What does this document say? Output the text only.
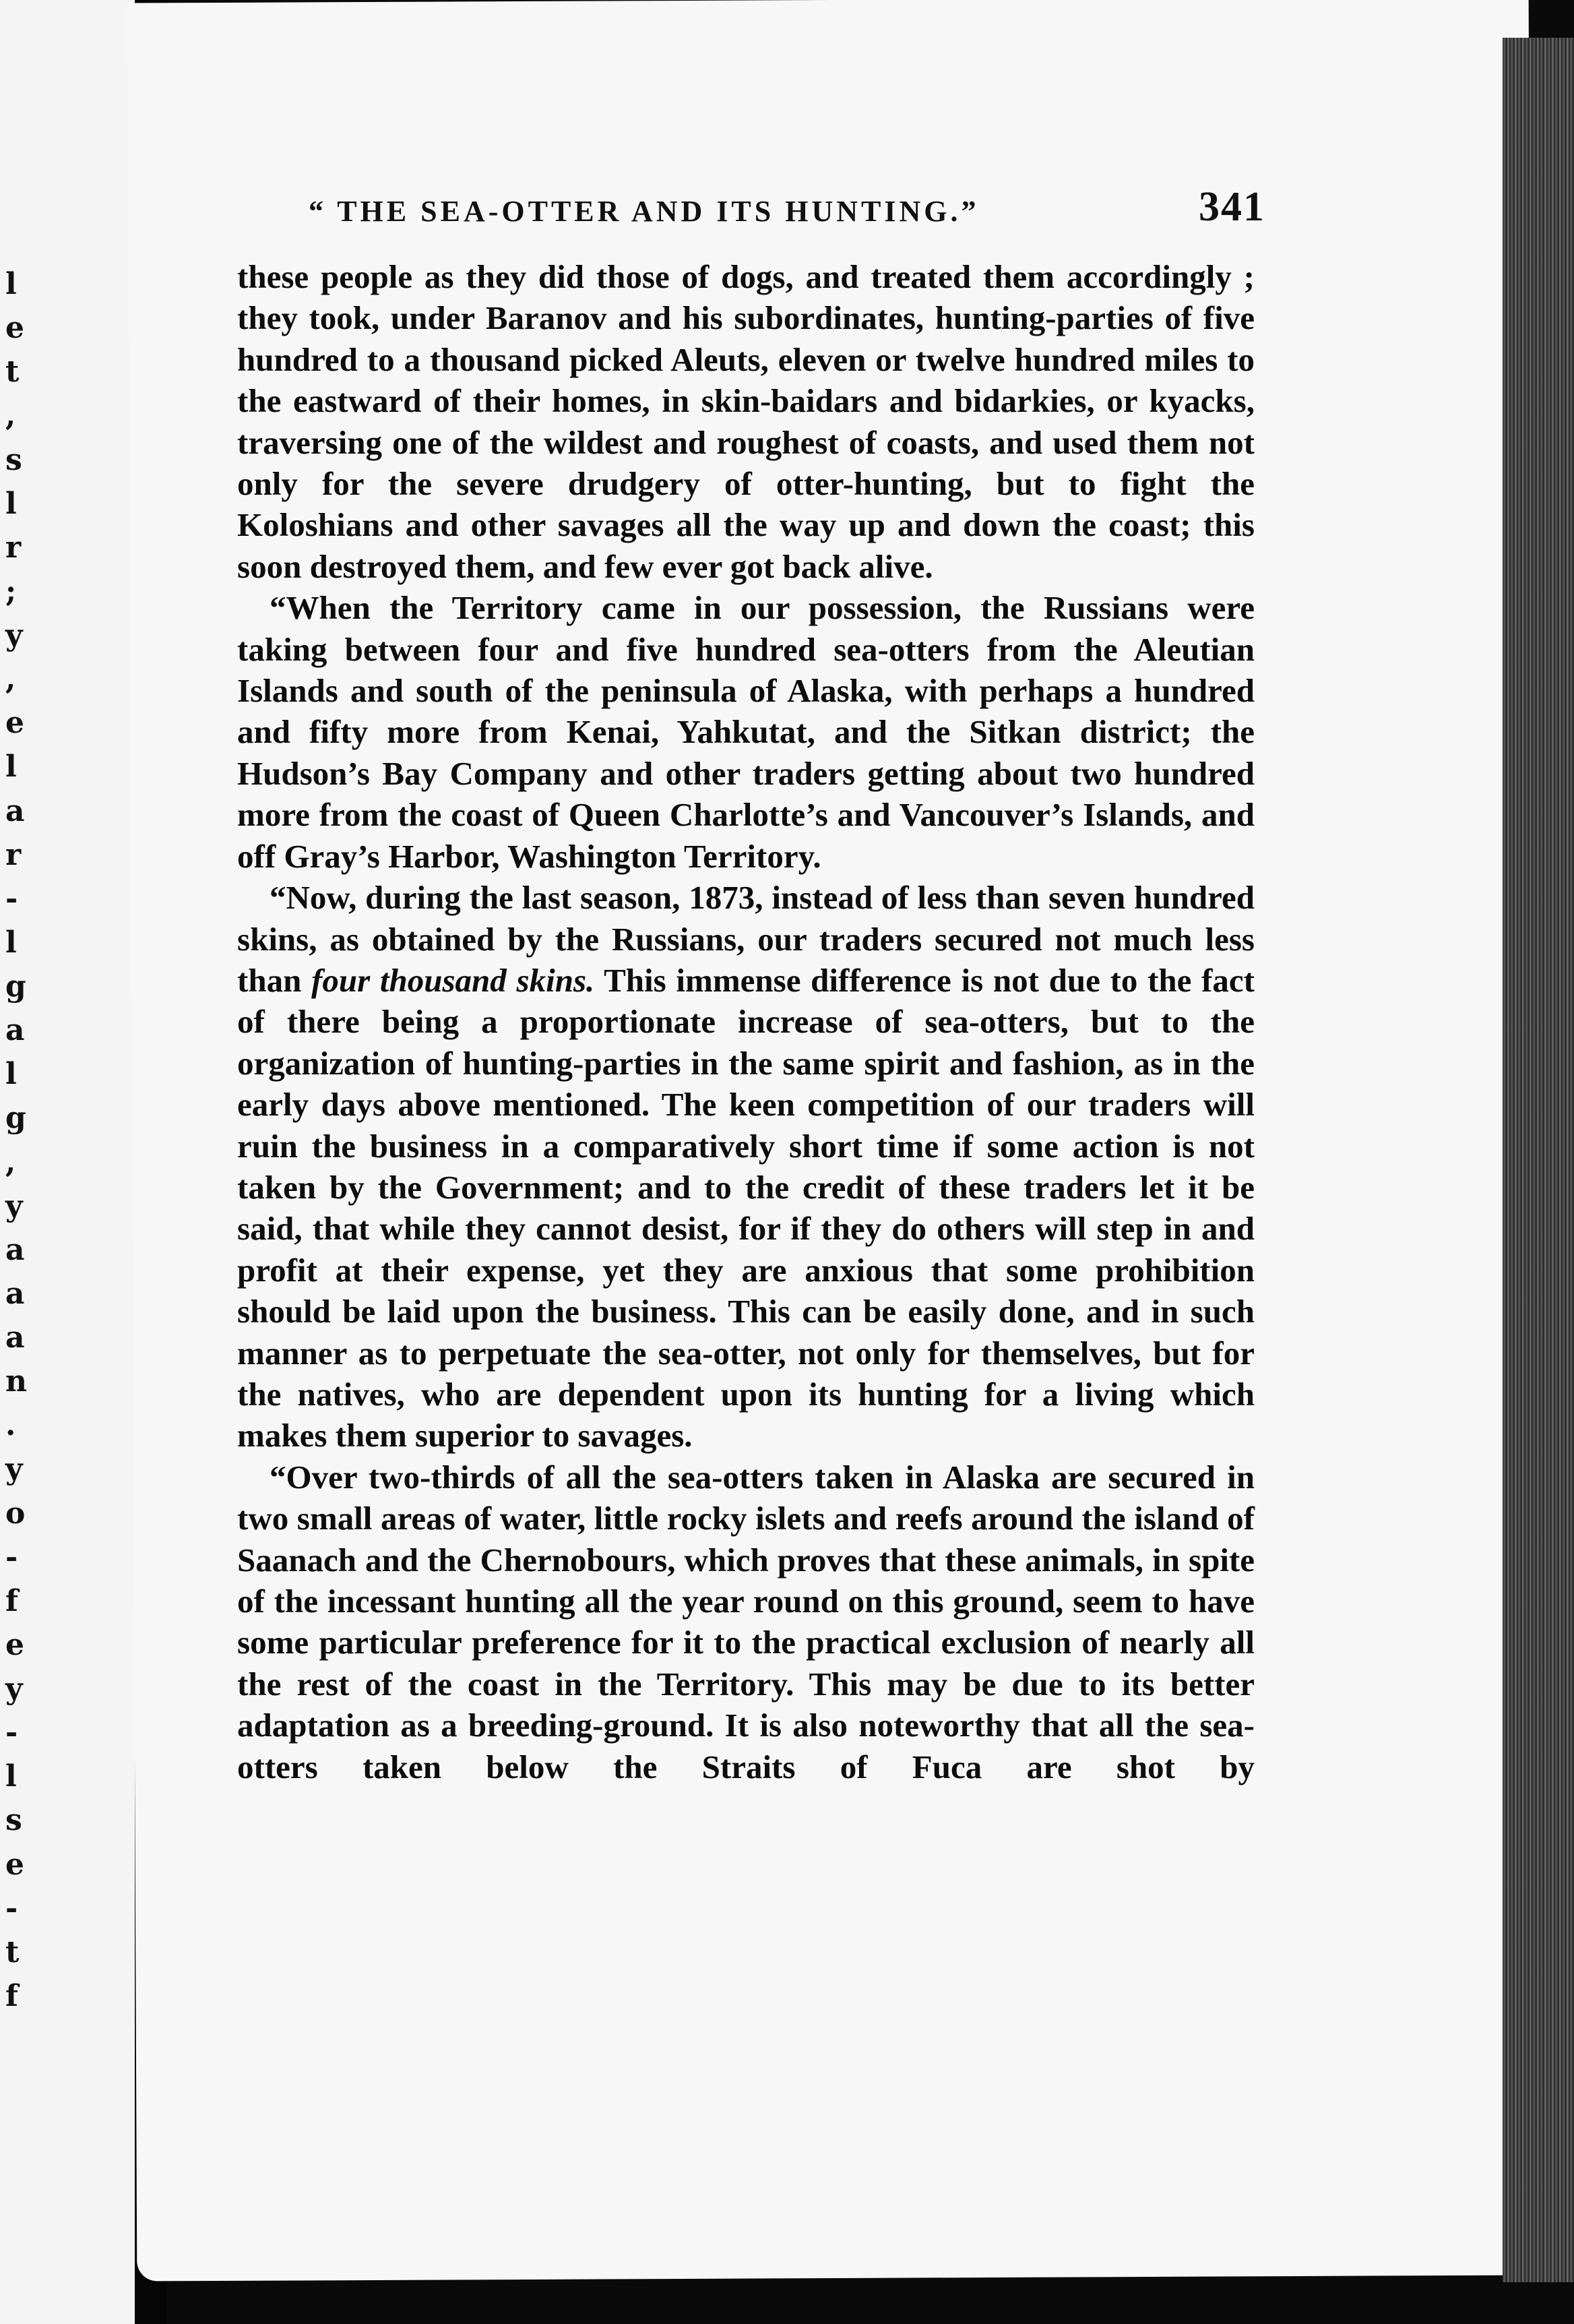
l
e
t
,
s
l
r
;
y
,
e
l
a
r
-
l
g
a
l
g
,
y
a
a
a
n
.
y
o
-
f
e
y
-
l
s
e
-
t
f
“ THE SEA-OTTER AND ITS HUNTING.”	341

these people as they did those of dogs, and treated them accordingly ; they took, under Baranov and his subordinates, hunting-parties of five hundred to a thousand picked Aleuts, eleven or twelve hundred miles to the eastward of their homes, in skin-baidars and bidarkies, or kyacks, traversing one of the wildest and roughest of coasts, and used them not only for the severe drudgery of otter-hunting, but to fight the Koloshians and other savages all the way up and down the coast; this soon destroyed them, and few ever got back alive.

“When the Territory came in our possession, the Russians were taking between four and five hundred sea-otters from the Aleutian Islands and south of the peninsula of Alaska, with perhaps a hundred and fifty more from Kenai, Yahkutat, and the Sitkan district; the Hudson’s Bay Company and other traders getting about two hundred more from the coast of Queen Charlotte’s and Vancouver’s Islands, and off Gray’s Harbor, Washington Territory.

“Now, during the last season, 1873, instead of less than seven hundred skins, as obtained by the Russians, our traders secured not much less than four thousand skins. This immense difference is not due to the fact of there being a proportionate increase of sea-otters, but to the organization of hunting-parties in the same spirit and fashion, as in the early days above mentioned. The keen competition of our traders will ruin the business in a comparatively short time if some action is not taken by the Government; and to the credit of these traders let it be said, that while they cannot desist, for if they do others will step in and profit at their expense, yet they are anxious that some prohibition should be laid upon the business. This can be easily done, and in such manner as to perpetuate the sea-otter, not only for themselves, but for the natives, who are dependent upon its hunting for a living which makes them superior to savages.

“Over two-thirds of all the sea-otters taken in Alaska are secured in two small areas of water, little rocky islets and reefs around the island of Saanach and the Chernobours, which proves that these animals, in spite of the incessant hunting all the year round on this ground, seem to have some particular preference for it to the practical exclusion of nearly all the rest of the coast in the Territory. This may be due to its better adaptation as a breeding-ground. It is also noteworthy that all the sea-otters taken below the Straits of Fuca are shot by
